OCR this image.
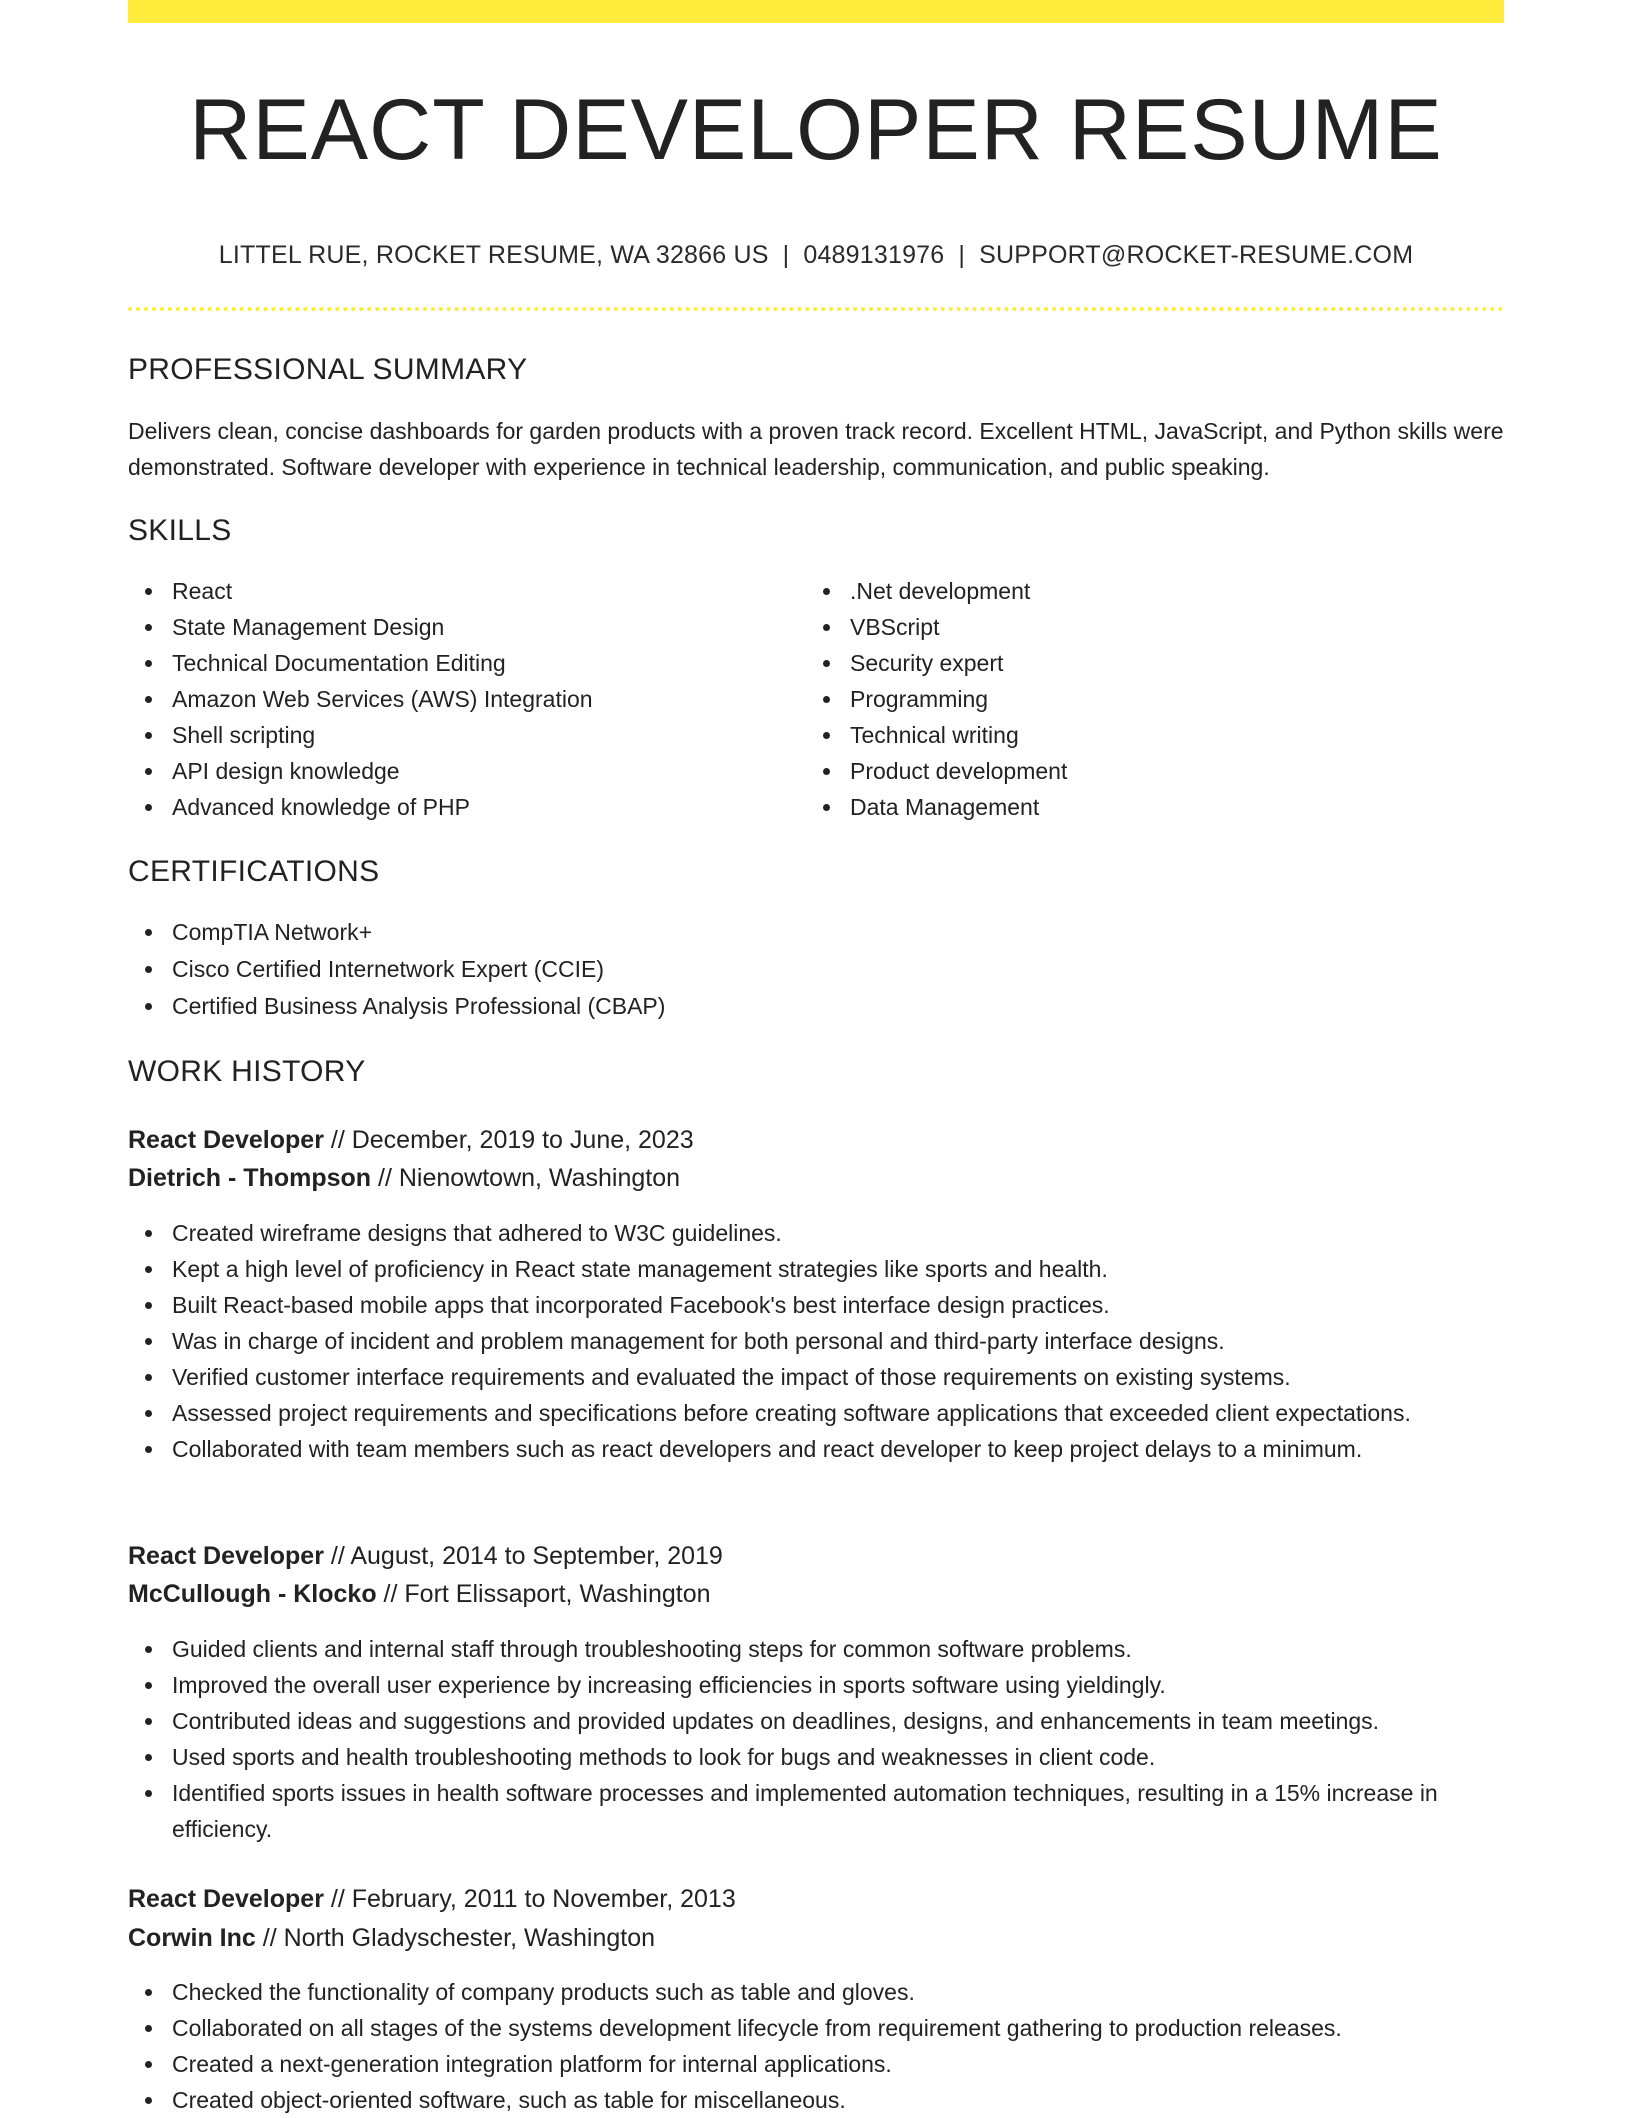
REACT DEVELOPER RESUME
LITTEL RUE, ROCKET RESUME, WA 32866 US | 0489131976 | SUPPORT@ROCKET-RESUME.COM
PROFESSIONAL SUMMARY

Delivers clean, concise dashboards for garden products with a proven track record. Excellent HTML, JavaScript, and Python skills were demonstrated. Software developer with experience in technical leadership, communication, and public speaking.

SKILLS
React
State Management Design
Technical Documentation Editing
Amazon Web Services (AWS) Integration
Shell scripting
API design knowledge
Advanced knowledge of PHP
.Net development
VBScript
Security expert
Programming
Technical writing
Product development
Data Management
CERTIFICATIONS
CompTIA Network+
Cisco Certified Internetwork Expert (CCIE)
Certified Business Analysis Professional (CBAP)
WORK HISTORY

React Developer // December, 2019 to June, 2023

Dietrich - Thompson // Nienowtown, Washington

Created wireframe designs that adhered to W3C guidelines.
Kept a high level of proficiency in React state management strategies like sports and health.
Built React-based mobile apps that incorporated Facebook's best interface design practices.
Was in charge of incident and problem management for both personal and third-party interface designs.
Verified customer interface requirements and evaluated the impact of those requirements on existing systems.
Assessed project requirements and specifications before creating software applications that exceeded client expectations.
Collaborated with team members such as react developers and react developer to keep project delays to a minimum.

React Developer // August, 2014 to September, 2019

McCullough - Klocko // Fort Elissaport, Washington

Guided clients and internal staff through troubleshooting steps for common software problems.
Improved the overall user experience by increasing efficiencies in sports software using yieldingly.
Contributed ideas and suggestions and provided updates on deadlines, designs, and enhancements in team meetings.
Used sports and health troubleshooting methods to look for bugs and weaknesses in client code.
Identified sports issues in health software processes and implemented automation techniques, resulting in a 15% increase in efficiency.

React Developer // February, 2011 to November, 2013

Corwin Inc // North Gladyschester, Washington

Checked the functionality of company products such as table and gloves.
Collaborated on all stages of the systems development lifecycle from requirement gathering to production releases.
Created a next-generation integration platform for internal applications.
Created object-oriented software, such as table for miscellaneous.
